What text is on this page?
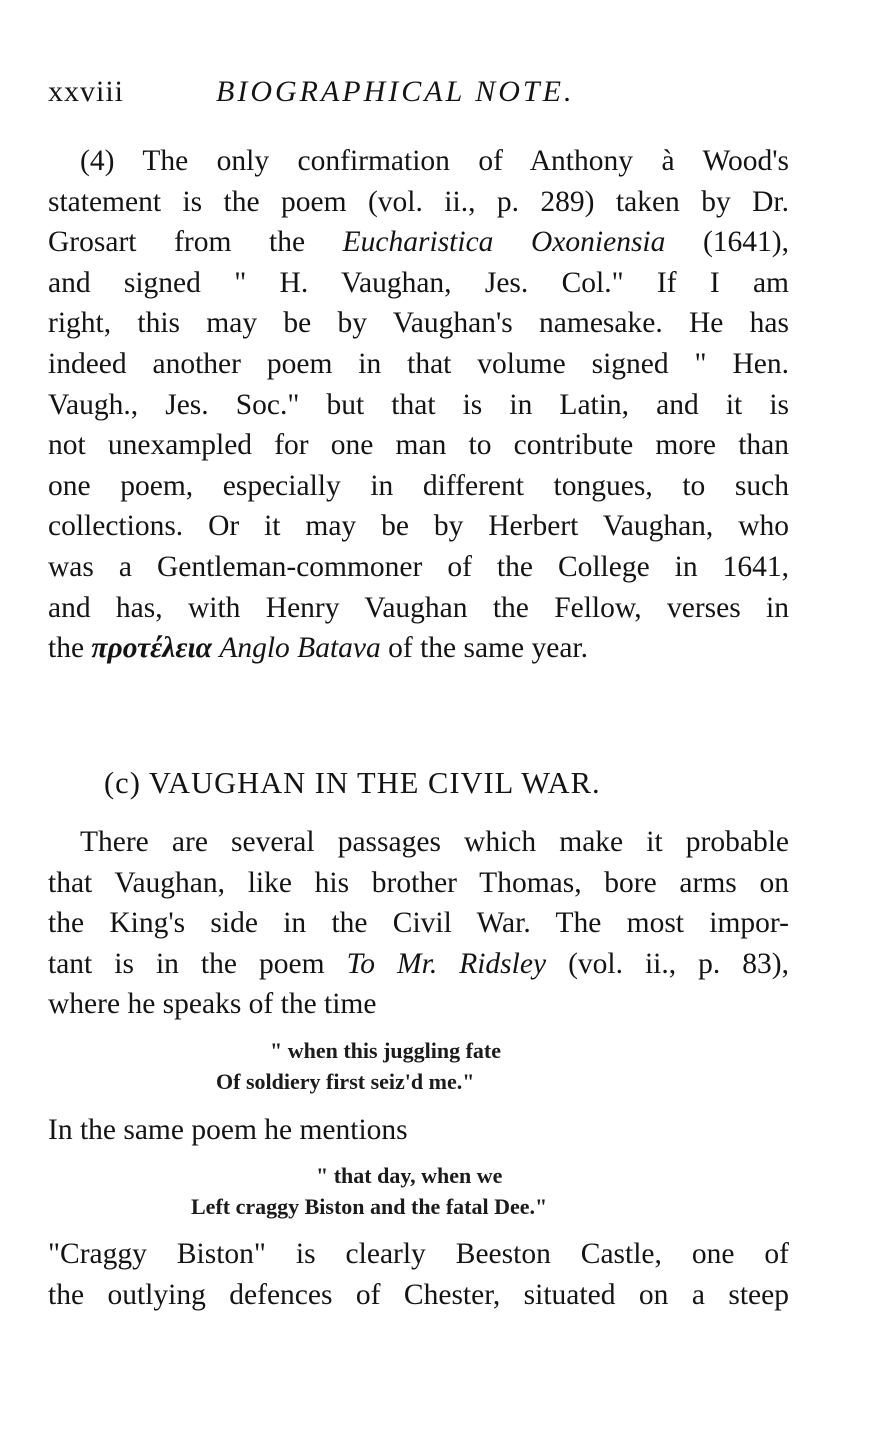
xxviii	BIOGRAPHICAL NOTE.
(4) The only confirmation of Anthony à Wood's
statement is the poem (vol. ii., p. 289) taken by Dr.
Grosart from the Eucharistica Oxoniensia (1641),
and signed " H. Vaughan, Jes. Col." If I am
right, this may be by Vaughan's namesake. He has
indeed another poem in that volume signed " Hen.
Vaugh., Jes. Soc." but that is in Latin, and it is
not unexampled for one man to contribute more than
one poem, especially in different tongues, to such
collections. Or it may be by Herbert Vaughan, who
was a Gentleman-commoner of the College in 1641,
and has, with Henry Vaughan the Fellow, verses in
the προτέλεια Anglo Batava of the same year.
(c) VAUGHAN IN THE CIVIL WAR.
There are several passages which make it probable
that Vaughan, like his brother Thomas, bore arms on
the King's side in the Civil War. The most impor-
tant is in the poem To Mr. Ridsley (vol. ii., p. 83),
where he speaks of the time
" when this juggling fate
Of soldiery first seiz'd me."
In the same poem he mentions
" that day, when we
Left craggy Biston and the fatal Dee."
"Craggy Biston" is clearly Beeston Castle, one of
the outlying defences of Chester, situated on a steep
